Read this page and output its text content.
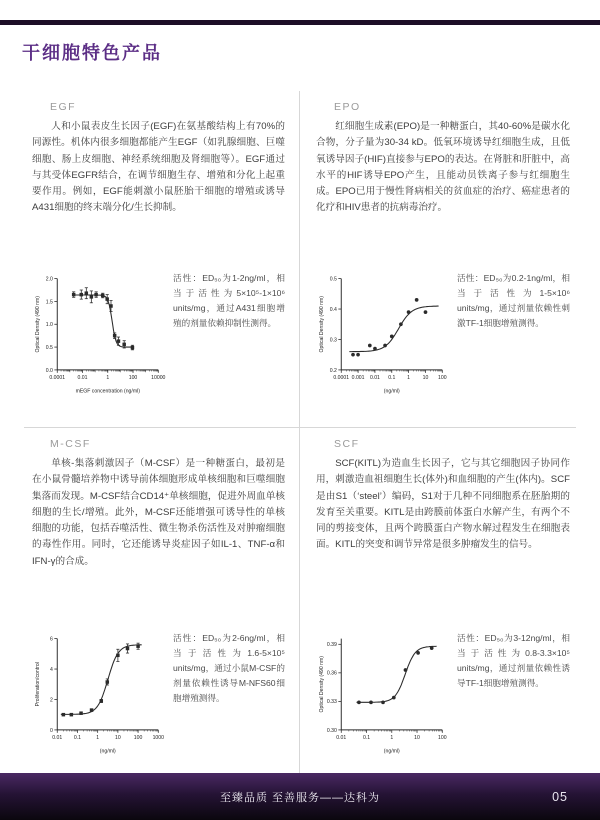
干细胞特色产品
EGF

人和小鼠表皮生长因子(EGF)在氨基酸结构上有70%的同源性。机体内很多细胞都能产生EGF（如乳腺细胞、巨噬细胞、肠上皮细胞、神经系统细胞及肾细胞等）。EGF通过与其受体EGFR结合，在调节细胞生存、增殖和分化上起重要作用。例如，EGF能刺激小鼠胚胎干细胞的增殖或诱导A431细胞的终末端分化/生长抑制。

0.0001 0.01	1	100	10000
0.0
0.5
1.0
1.5
2.0
mEGF concentration (ng/ml)
Optical Density (490 nm)

活性：ED₅₀为1-2ng/ml，相当于活性为5×10⁵-1×10⁶ units/mg，通过A431细胞增殖的剂量依赖抑制性测得。

EPO

红细胞生成素(EPO)是一种糖蛋白，其40-60%是碳水化合物，分子量为30-34 kD。低氧环境诱导红细胞生成，且低氧诱导因子(HIF)直接参与EPO的表达。在肾脏和肝脏中，高水平的HIF诱导EPO产生，且能动员铁离子参与红细胞生成。EPO已用于慢性肾病相关的贫血症的治疗、癌症患者的化疗和HIV患者的抗病毒治疗。

0.0001 0.001 0.01 0.1 1 10 100
0.2
0.3
0.4
0.5
(ng/ml)
Optical Density (490 nm)

活性：ED₅₀为0.2-1ng/ml，相当于活性为1-5×10⁶ units/mg，通过剂量依赖性刺激TF-1细胞增殖测得。

M-CSF

单核-集落刺激因子（M-CSF）是一种糖蛋白，最初是在小鼠骨髓培养物中诱导前体细胞形成单核细胞和巨噬细胞集落而发现。M-CSF结合CD14⁺单核细胞，促进外周血单核细胞的生长/增殖。此外，M-CSF还能增强可诱导性的单核细胞的功能，包括吞噬活性、微生物杀伤活性及对肿瘤细胞的毒性作用。同时，它还能诱导炎症因子如IL-1、TNF-α和IFN-γ的合成。

0.01 0.1	1	10 100 1000
0
2
4
6
(ng/ml)
Proliferation/control

活性：ED₅₀为2-6ng/ml，相当于活性为1.6-5×10⁵ units/mg，通过小鼠M-CSF的剂量依赖性诱导M-NFS60细胞增殖测得。

SCF

SCF(KITL)为造血生长因子，它与其它细胞因子协同作用，刺激造血祖细胞生长(体外)和血细胞的产生(体内)。SCF是由S1（‘steel’）编码，S1对于几种不同细胞系在胚胎期的发育至关重要。KITL是由跨膜前体蛋白水解产生，有两个不同的剪接变体，且两个跨膜蛋白产物水解过程发生在细胞表面。KITL的突变和调节异常是很多肿瘤发生的信号。

0.01	0.1	1	10	100
0.30
0.33
0.36
0.39
(ng/ml)
Optical Density (490 nm)

活性：ED₅₀为3-12ng/ml，相当于活性为0.8-3.3×10⁵ units/mg，通过剂量依赖性诱导TF-1细胞增殖测得。

至臻品质 至善服务——达科为	05
